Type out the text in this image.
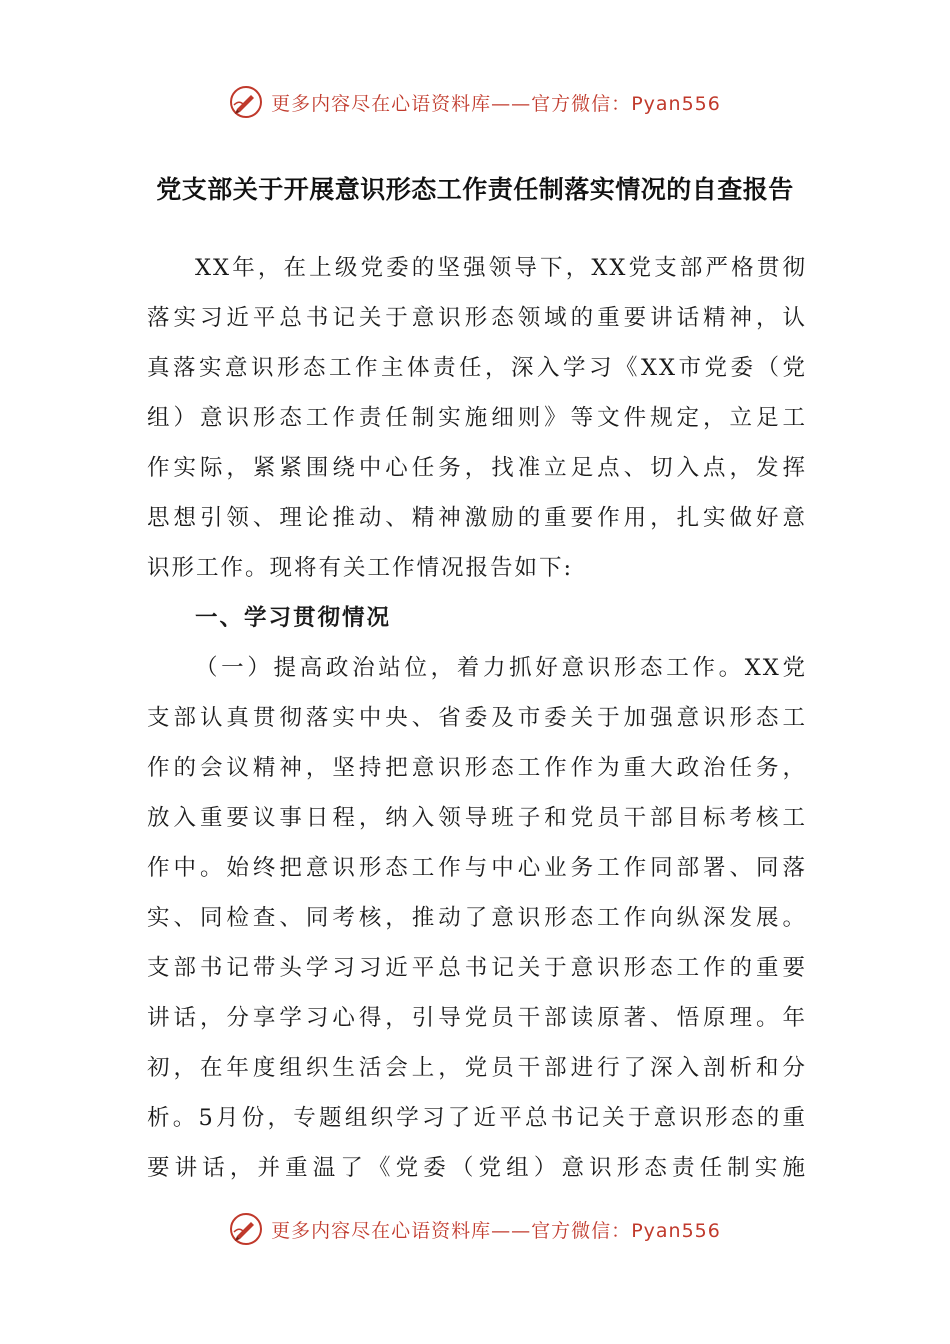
更多内容尽在心语资料库——官方微信：Pyan556
党支部关于开展意识形态工作责任制落实情况的自查报告
XX年，在上级党委的坚强领导下，XX党支部严格贯彻
落实习近平总书记关于意识形态领域的重要讲话精神，认
真落实意识形态工作主体责任，深入学习《XX市党委（党
组）意识形态工作责任制实施细则》等文件规定，立足工
作实际，紧紧围绕中心任务，找准立足点、切入点，发挥
思想引领、理论推动、精神激励的重要作用，扎实做好意
识形工作。现将有关工作情况报告如下:
一、学习贯彻情况
（一）提高政治站位，着力抓好意识形态工作。XX党
支部认真贯彻落实中央、省委及市委关于加强意识形态工
作的会议精神，坚持把意识形态工作作为重大政治任务，
放入重要议事日程，纳入领导班子和党员干部目标考核工
作中。始终把意识形态工作与中心业务工作同部署、同落
实、同检查、同考核，推动了意识形态工作向纵深发展。
支部书记带头学习习近平总书记关于意识形态工作的重要
讲话，分享学习心得，引导党员干部读原著、悟原理。年
初，在年度组织生活会上，党员干部进行了深入剖析和分
析。5月份，专题组织学习了近平总书记关于意识形态的重
要讲话，并重温了《党委（党组）意识形态责任制实施
更多内容尽在心语资料库——官方微信：Pyan556
